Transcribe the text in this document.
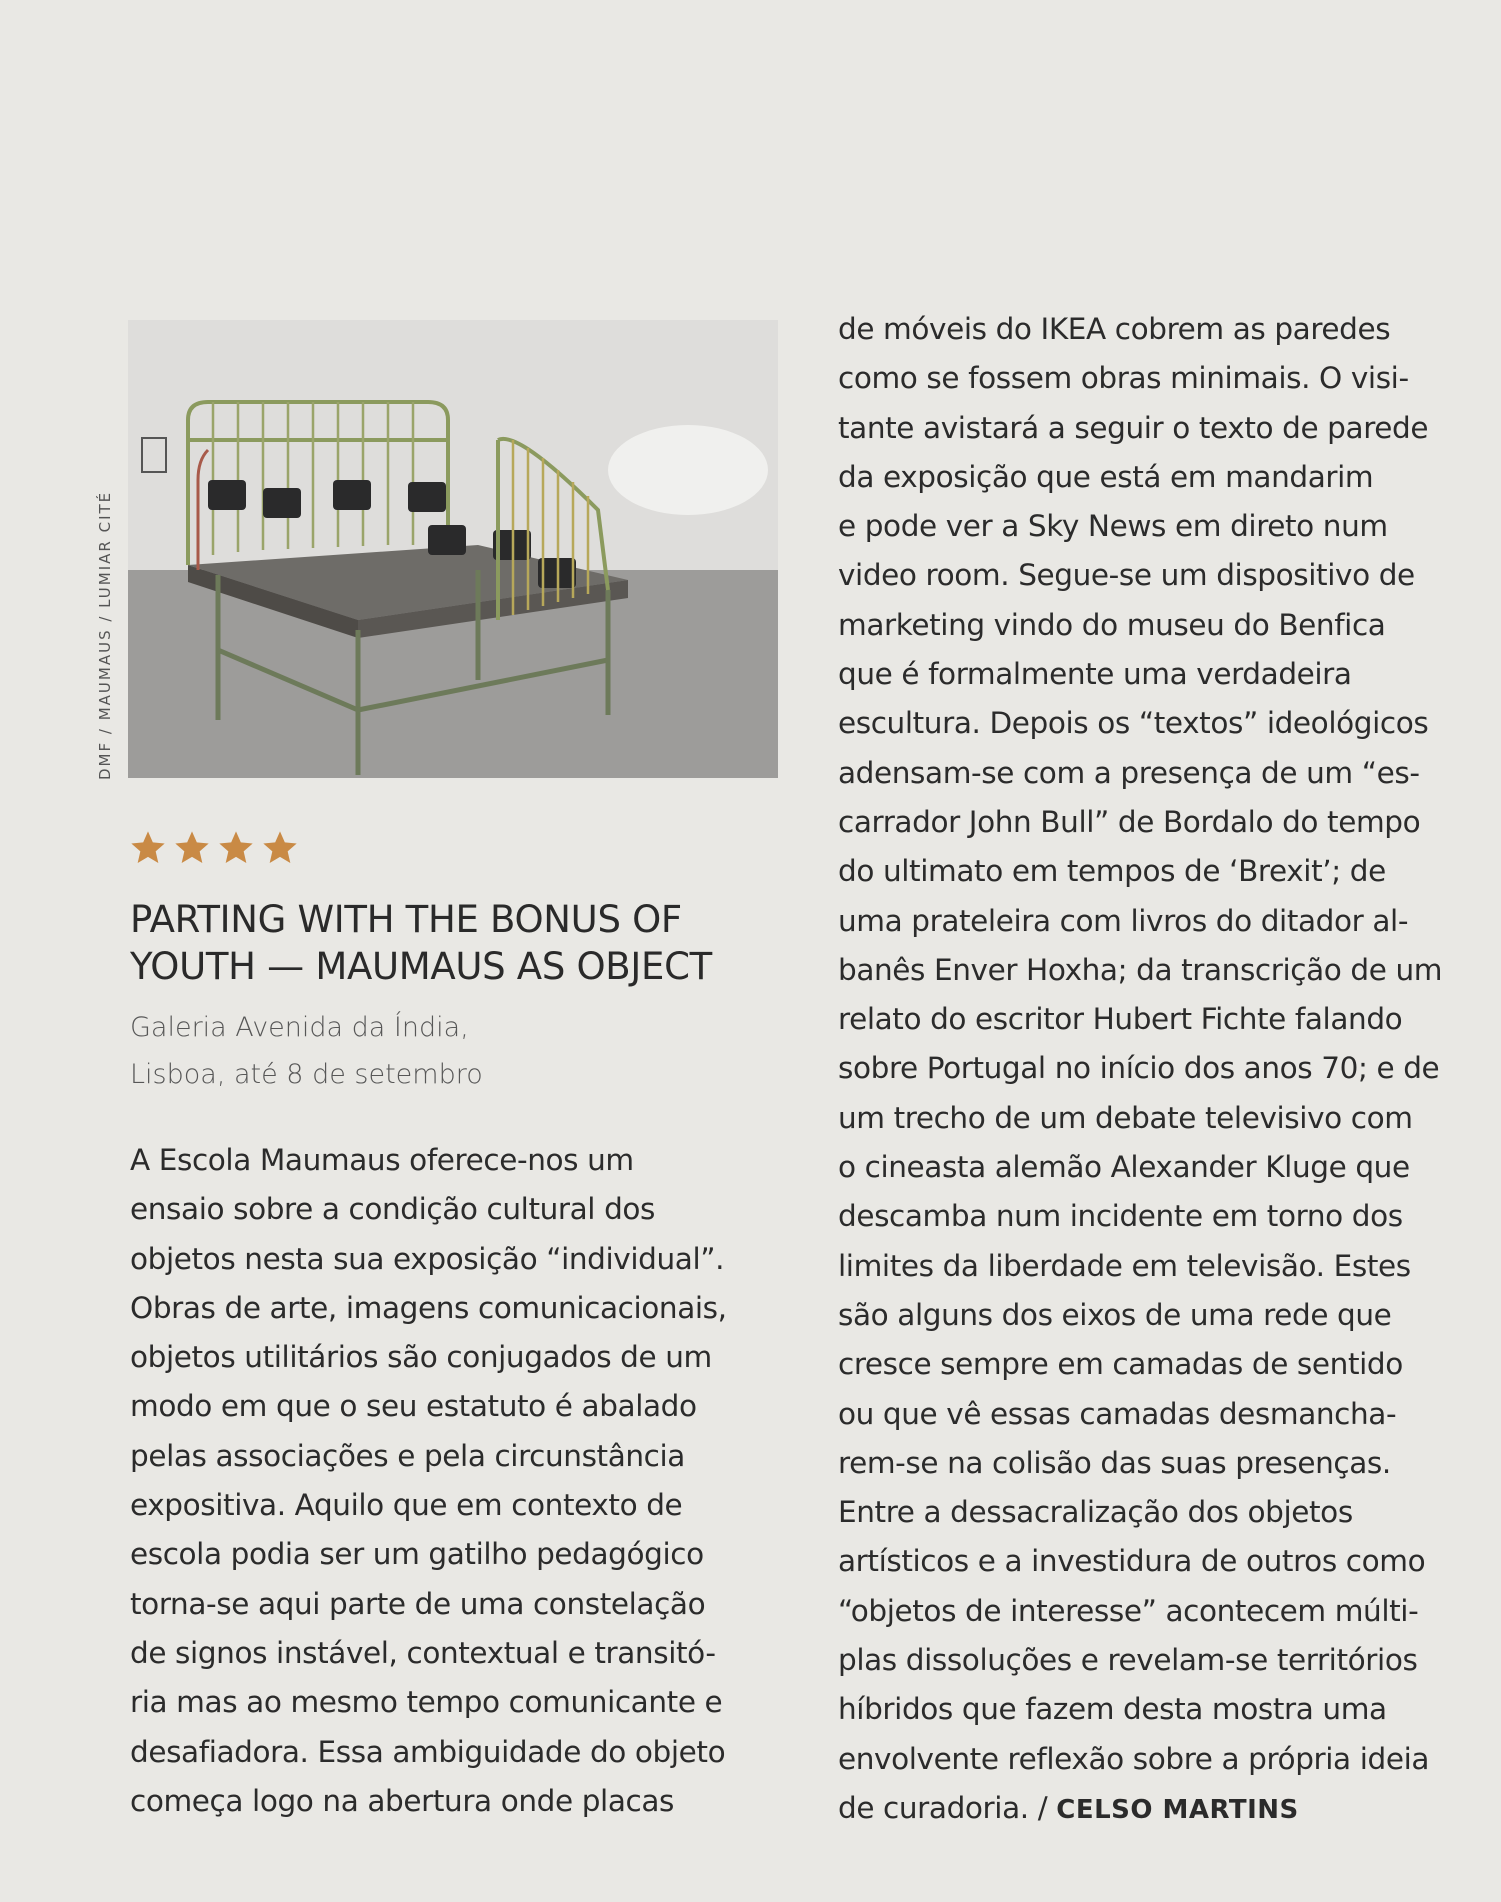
DMF / MAUMAUS / LUMIAR CITÉ
PARTING WITH THE BONUS OF
YOUTH — MAUMAUS AS OBJECT
Galeria Avenida da Índia,
Lisboa, até 8 de setembro
A Escola Maumaus oferece-nos um
ensaio sobre a condição cultural dos
objetos nesta sua exposição “individual”.
Obras de arte, imagens comunicacionais,
objetos utilitários são conjugados de um
modo em que o seu estatuto é abalado
pelas associações e pela circunstância
expositiva. Aquilo que em contexto de
escola podia ser um gatilho pedagógico
torna-se aqui parte de uma constelação
de signos instável, contextual e transitó-
ria mas ao mesmo tempo comunicante e
desafiadora. Essa ambiguidade do objeto
começa logo na abertura onde placas
de móveis do IKEA cobrem as paredes
como se fossem obras minimais. O visi-
tante avistará a seguir o texto de parede
da exposição que está em mandarim
e pode ver a Sky News em direto num
video room. Segue-se um dispositivo de
marketing vindo do museu do Benfica
que é formalmente uma verdadeira
escultura. Depois os “textos” ideológicos
adensam-se com a presença de um “es-
carrador John Bull” de Bordalo do tempo
do ultimato em tempos de ‘Brexit’; de
uma prateleira com livros do ditador al-
banês Enver Hoxha; da transcrição de um
relato do escritor Hubert Fichte falando
sobre Portugal no início dos anos 70; e de
um trecho de um debate televisivo com
o cineasta alemão Alexander Kluge que
descamba num incidente em torno dos
limites da liberdade em televisão. Estes
são alguns dos eixos de uma rede que
cresce sempre em camadas de sentido
ou que vê essas camadas desmancha-
rem-se na colisão das suas presenças.
Entre a dessacralização dos objetos
artísticos e a investidura de outros como
“objetos de interesse” acontecem múlti-
plas dissoluções e revelam-se territórios
híbridos que fazem desta mostra uma
envolvente reflexão sobre a própria ideia
de curadoria. / CELSO MARTINS
